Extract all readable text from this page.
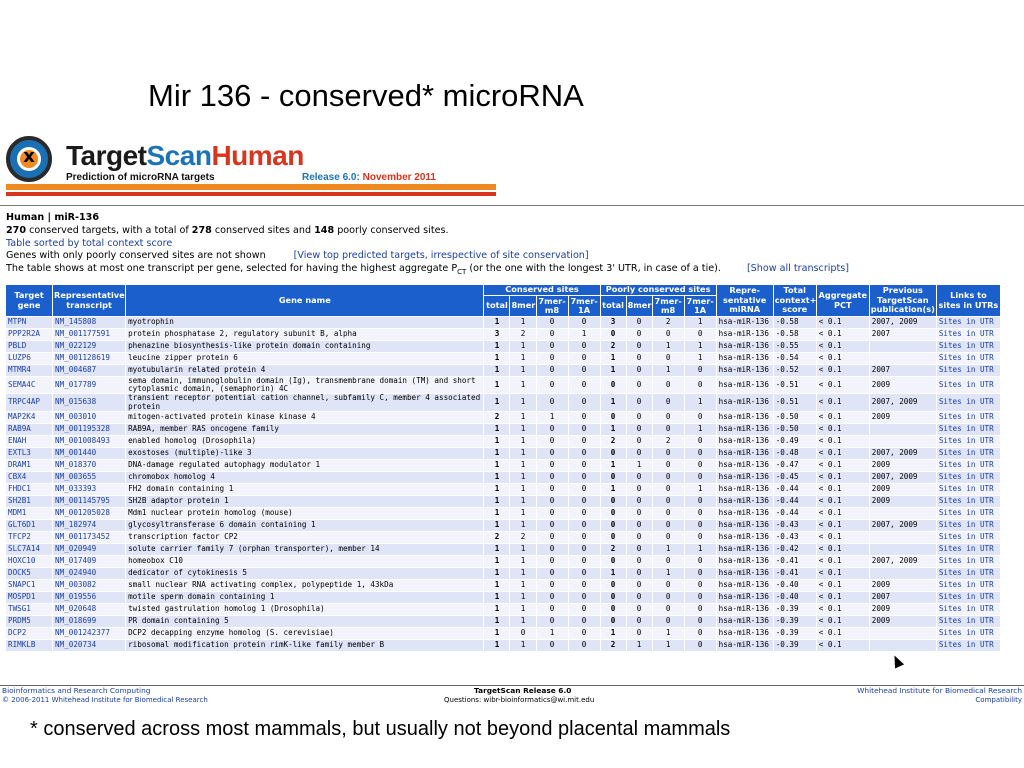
Mir 136 - conserved* microRNA
x	TargetScanHuman
Prediction of microRNA targets	Release 6.0: November 2011
Human | miR-136
270 conserved targets, with a total of 278 conserved sites and 148 poorly conserved sites.
Table sorted by total context score
Genes with only poorly conserved sites are not shown	[View top predicted targets, irrespective of site conservation]
The table shows at most one transcript per gene, selected for having the highest aggregate $P_{CT}$ (or the one with the longest 3' UTR, in case of a tie).	[Show all transcripts]
Target gene	Representative transcript	Gene name	Conserved sites				Poorly conserved sites				Repre-sentative miRNA	Total context+ score	Aggregate PCT	Previous TargetScan publication(s)	Links to sites in UTRs
			total	8mer	7mer-m8	7mer-1A	total	8mer	7mer-m8	7mer-1A					
MTPN	NM_145808	myotrophin	1	1	0	0	3	0	2	1	hsa-miR-136	-0.58	< 0.1	2007, 2009	Sites in UTR
PPP2R2A	NM_001177591	protein phosphatase 2, regulatory subunit B, alpha	3	2	0	1	0	0	0	0	hsa-miR-136	-0.58	< 0.1	2007	Sites in UTR
PBLD	NM_022129	phenazine biosynthesis-like protein domain containing	1	1	0	0	2	0	1	1	hsa-miR-136	-0.55	< 0.1		Sites in UTR
LUZP6	NM_001128619	leucine zipper protein 6	1	1	0	0	1	0	0	1	hsa-miR-136	-0.54	< 0.1		Sites in UTR
MTMR4	NM_004687	myotubularin related protein 4	1	1	0	0	1	0	1	0	hsa-miR-136	-0.52	< 0.1	2007	Sites in UTR
SEMA4C	NM_017789	sema domain, immunoglobulin domain (Ig), transmembrane domain (TM) and short cytoplasmic domain, (semaphorin) 4C	1	1	0	0	0	0	0	0	hsa-miR-136	-0.51	< 0.1	2009	Sites in UTR
TRPC4AP	NM_015638	transient receptor potential cation channel, subfamily C, member 4 associated protein	1	1	0	0	1	0	0	1	hsa-miR-136	-0.51	< 0.1	2007, 2009	Sites in UTR
MAP2K4	NM_003010	mitogen-activated protein kinase kinase 4	2	1	1	0	0	0	0	0	hsa-miR-136	-0.50	< 0.1	2009	Sites in UTR
RAB9A	NM_001195328	RAB9A, member RAS oncogene family	1	1	0	0	1	0	0	1	hsa-miR-136	-0.50	< 0.1		Sites in UTR
ENAH	NM_001008493	enabled homolog (Drosophila)	1	1	0	0	2	0	2	0	hsa-miR-136	-0.49	< 0.1		Sites in UTR
EXTL3	NM_001440	exostoses (multiple)-like 3	1	1	0	0	0	0	0	0	hsa-miR-136	-0.48	< 0.1	2007, 2009	Sites in UTR
DRAM1	NM_018370	DNA-damage regulated autophagy modulator 1	1	1	0	0	1	1	0	0	hsa-miR-136	-0.47	< 0.1	2009	Sites in UTR
CBX4	NM_003655	chromobox homolog 4	1	1	0	0	0	0	0	0	hsa-miR-136	-0.45	< 0.1	2007, 2009	Sites in UTR
FHDC1	NM_033393	FH2 domain containing 1	1	1	0	0	1	0	0	1	hsa-miR-136	-0.44	< 0.1	2009	Sites in UTR
SH2B1	NM_001145795	SH2B adaptor protein 1	1	1	0	0	0	0	0	0	hsa-miR-136	-0.44	< 0.1	2009	Sites in UTR
MDM1	NM_001205028	Mdm1 nuclear protein homolog (mouse)	1	1	0	0	0	0	0	0	hsa-miR-136	-0.44	< 0.1		Sites in UTR
GLT6D1	NM_182974	glycosyltransferase 6 domain containing 1	1	1	0	0	0	0	0	0	hsa-miR-136	-0.43	< 0.1	2007, 2009	Sites in UTR
TFCP2	NM_001173452	transcription factor CP2	2	2	0	0	0	0	0	0	hsa-miR-136	-0.43	< 0.1		Sites in UTR
SLC7A14	NM_020949	solute carrier family 7 (orphan transporter), member 14	1	1	0	0	2	0	1	1	hsa-miR-136	-0.42	< 0.1		Sites in UTR
HOXC10	NM_017409	homeobox C10	1	1	0	0	0	0	0	0	hsa-miR-136	-0.41	< 0.1	2007, 2009	Sites in UTR
DOCK5	NM_024940	dedicator of cytokinesis 5	1	1	0	0	1	0	1	0	hsa-miR-136	-0.41	< 0.1		Sites in UTR
SNAPC1	NM_003082	small nuclear RNA activating complex, polypeptide 1, 43kDa	1	1	0	0	0	0	0	0	hsa-miR-136	-0.40	< 0.1	2009	Sites in UTR
MOSPD1	NM_019556	motile sperm domain containing 1	1	1	0	0	0	0	0	0	hsa-miR-136	-0.40	< 0.1	2007	Sites in UTR
TWSG1	NM_020648	twisted gastrulation homolog 1 (Drosophila)	1	1	0	0	0	0	0	0	hsa-miR-136	-0.39	< 0.1	2009	Sites in UTR
PRDM5	NM_018699	PR domain containing 5	1	1	0	0	0	0	0	0	hsa-miR-136	-0.39	< 0.1	2009	Sites in UTR
DCP2	NM_001242377	DCP2 decapping enzyme homolog (S. cerevisiae)	1	0	1	0	1	0	1	0	hsa-miR-136	-0.39	< 0.1		Sites in UTR
RIMKLB	NM_020734	ribosomal modification protein rimK-like family member B	1	1	0	0	2	1	1	0	hsa-miR-136	-0.39	< 0.1		Sites in UTR
Bioinformatics and Research Computing
© 2006-2011 Whitehead Institute for Biomedical Research
TargetScan Release 6.0
Questions: wibr-bioinformatics@wi.mit.edu
Whitehead Institute for Biomedical Research
Compatibility
* conserved across most mammals, but usually not beyond placental mammals
